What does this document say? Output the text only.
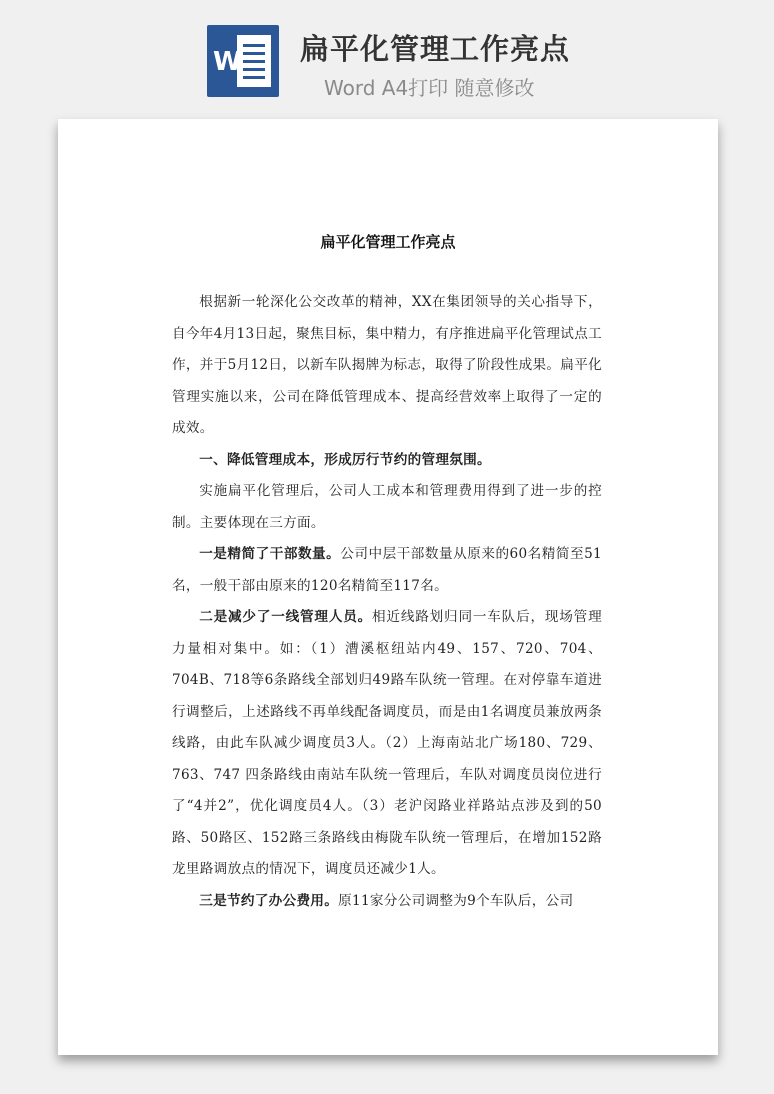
W 扁平化管理工作亮点
Word A4打印 随意修改
扁平化管理工作亮点

根据新一轮深化公交改革的精神，XX在集团领导的关心指导下，自今年4月13日起，聚焦目标，集中精力，有序推进扁平化管理试点工作，并于5月12日，以新车队揭牌为标志，取得了阶段性成果。扁平化管理实施以来，公司在降低管理成本、提高经营效率上取得了一定的成效。

一、降低管理成本，形成厉行节约的管理氛围。

实施扁平化管理后，公司人工成本和管理费用得到了进一步的控制。主要体现在三方面。

一是精简了干部数量。公司中层干部数量从原来的60名精简至51名，一般干部由原来的120名精简至117名。

二是减少了一线管理人员。相近线路划归同一车队后，现场管理力量相对集中。如：（1）漕溪枢纽站内49、157、720、704、704B、718等6条路线全部划归49路车队统一管理。在对停靠车道进行调整后，上述路线不再单线配备调度员，而是由1名调度员兼放两条线路，由此车队减少调度员3人。（2）上海南站北广场180、729、763、747 四条路线由南站车队统一管理后，车队对调度员岗位进行了“4并2”，优化调度员4人。（3）老沪闵路业祥路站点涉及到的50路、50路区、152路三条路线由梅陇车队统一管理后，在增加152路龙里路调放点的情况下，调度员还减少1人。

三是节约了办公费用。原11家分公司调整为9个车队后，公司
